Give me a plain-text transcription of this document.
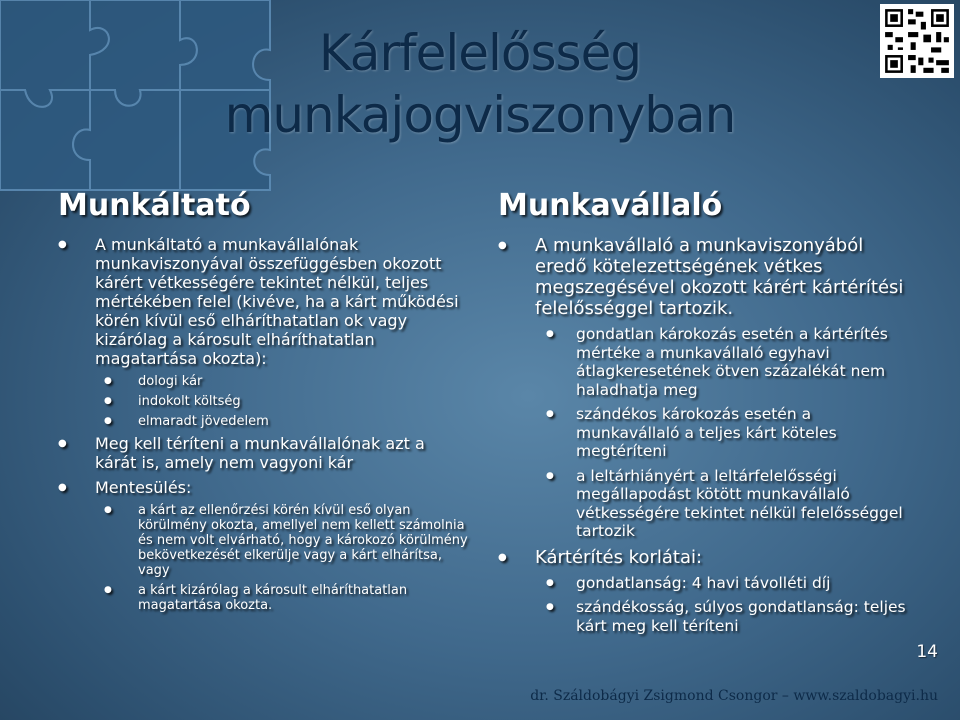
Kárfelelősség
munkajogviszonyban
Munkáltató
● A munkáltató a munkavállalónak munkaviszonyával összefüggésben okozott kárért vétkességére tekintet nélkül, teljes mértékében felel (kivéve, ha a kárt működési körén kívül eső elháríthatatlan ok vagy kizárólag a károsult elháríthatatlan magatartása okozta):
● dologi kár
● indokolt költség
● elmaradt jövedelem
● Meg kell téríteni a munkavállalónak azt a kárát is, amely nem vagyoni kár
● Mentesülés:
● a kárt az ellenőrzési körén kívül eső olyan körülmény okozta, amellyel nem kellett számolnia és nem volt elvárható, hogy a károkozó körülmény bekövetkezését elkerülje vagy a kárt elhárítsa, vagy
● a kárt kizárólag a károsult elháríthatatlan magatartása okozta.
Munkavállaló
● A munkavállaló a munkaviszonyából eredő kötelezettségének vétkes megszegésével okozott kárért kártérítési felelősséggel tartozik.
● gondatlan károkozás esetén a kártérítés mértéke a munkavállaló egyhavi átlagkeresetének ötven százalékát nem haladhatja meg
● szándékos károkozás esetén a munkavállaló a teljes kárt köteles megtéríteni
● a leltárhiányért a leltárfelelősségi megállapodást kötött munkavállaló vétkességére tekintet nélkül felelősséggel tartozik
● Kártérítés korlátai:
● gondatlanság: 4 havi távolléti díj
● szándékosság, súlyos gondatlanság: teljes kárt meg kell téríteni
14
dr. Száldobágyi Zsigmond Csongor – www.szaldobagyi.hu
